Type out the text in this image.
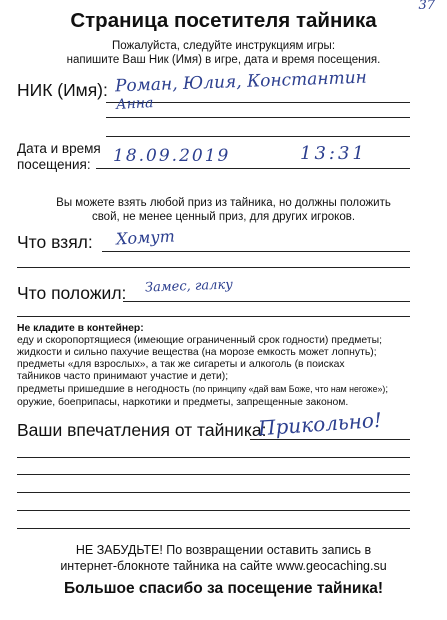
37
Страница посетителя тайника
Пожалуйста, следуйте инструкциям игры:
напишите Ваш Ник (Имя) в игре, дата и время посещения.
НИК (Имя): Роман, Юлия, Константин
Анна
Дата и время
посещения: 18.09.2019	13:31
Вы можете взять любой приз из тайника, но должны положить
свой, не менее ценный приз, для других игроков.
Что взял: Хомут
Что положил: Замес, галку
Не кладите в контейнер:
еду и скоропортящиеся (имеющие ограниченный срок годности) предметы;
жидкости и сильно пахучие вещества (на морозе емкость может лопнуть);
предметы «для взрослых», а так же сигареты и алкоголь (в поисках
тайников часто принимают участие и дети);
предметы пришедшие в негодность (по принципу «дай вам Боже, что нам негоже»);
оружие, боеприпасы, наркотики и предметы, запрещенные законом.
Ваши впечатления от тайника:
Прикольно!
НЕ ЗАБУДЬТЕ! По возвращении оставить запись в
интернет-блокноте тайника на сайте www.geocaching.su
Большое спасибо за посещение тайника!
